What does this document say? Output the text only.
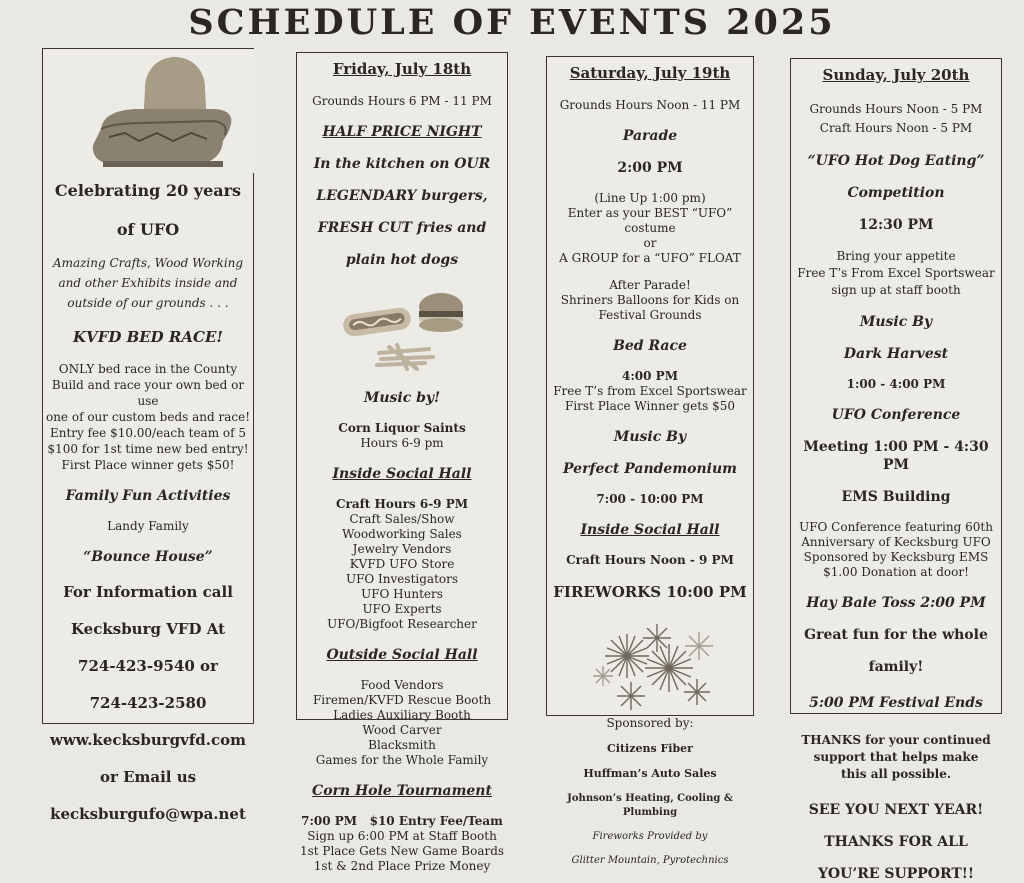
SCHEDULE OF EVENTS 2025

Celebrating 20 years

of UFO

Amazing Crafts, Wood Working

and other Exhibits inside and

outside of our grounds . . .

KVFD BED RACE!

ONLY bed race in the County

Build and race your own bed or use

one of our custom beds and race!

Entry fee $10.00/each team of 5

$100 for 1st time new bed entry!

First Place winner gets $50!

Family Fun Activities

Landy Family

“Bounce House”

For Information call

Kecksburg VFD At

724-423-9540 or

724-423-2580

www.kecksburgvfd.com

or Email us

kecksburgufo@wpa.net

Friday, July 18th

Grounds Hours 6 PM - 11 PM

HALF PRICE NIGHT

In the kitchen on OUR

LEGENDARY burgers,

FRESH CUT fries and

plain hot dogs

Music by!

Corn Liquor Saints

Hours 6-9 pm

Inside Social Hall

Craft Hours 6-9 PM

Craft Sales/Show

Woodworking Sales

Jewelry Vendors

KVFD UFO Store

UFO Investigators

UFO Hunters

UFO Experts

UFO/Bigfoot Researcher

Outside Social Hall

Food Vendors

Firemen/KVFD Rescue Booth

Ladies Auxiliary Booth

Wood Carver

Blacksmith

Games for the Whole Family

Corn Hole Tournament

7:00 PM   $10 Entry Fee/Team

Sign up 6:00 PM at Staff Booth

1st Place Gets New Game Boards

1st & 2nd Place Prize Money

Saturday, July 19th

Grounds Hours Noon - 11 PM

Parade

2:00 PM

(Line Up 1:00 pm)

Enter as your BEST “UFO” costume

or

A GROUP for a “UFO” FLOAT

After Parade!

Shriners Balloons for Kids on

Festival Grounds

Bed Race

4:00 PM

Free T’s from Excel Sportswear

First Place Winner gets $50

Music By

Perfect Pandemonium

7:00 - 10:00 PM

Inside Social Hall

Craft Hours Noon - 9 PM

FIREWORKS 10:00 PM

Sponsored by:

Citizens Fiber

Huffman’s Auto Sales

Johnson’s Heating, Cooling & Plumbing

Fireworks Provided by

Glitter Mountain, Pyrotechnics

Sunday, July 20th

Grounds Hours Noon - 5 PM

Craft Hours Noon - 5 PM

“UFO Hot Dog Eating”

Competition

12:30 PM

Bring your appetite

Free T’s From Excel Sportswear

sign up at staff booth

Music By

Dark Harvest

1:00 - 4:00 PM

UFO Conference

Meeting 1:00 PM - 4:30 PM

EMS Building

UFO Conference featuring 60th

Anniversary of Kecksburg UFO

Sponsored by Kecksburg EMS

$1.00 Donation at door!

Hay Bale Toss 2:00 PM

Great fun for the whole

family!

5:00 PM Festival Ends

THANKS for your continued

support that helps make

this all possible.

SEE YOU NEXT YEAR!

THANKS FOR ALL

YOU’RE SUPPORT!!
